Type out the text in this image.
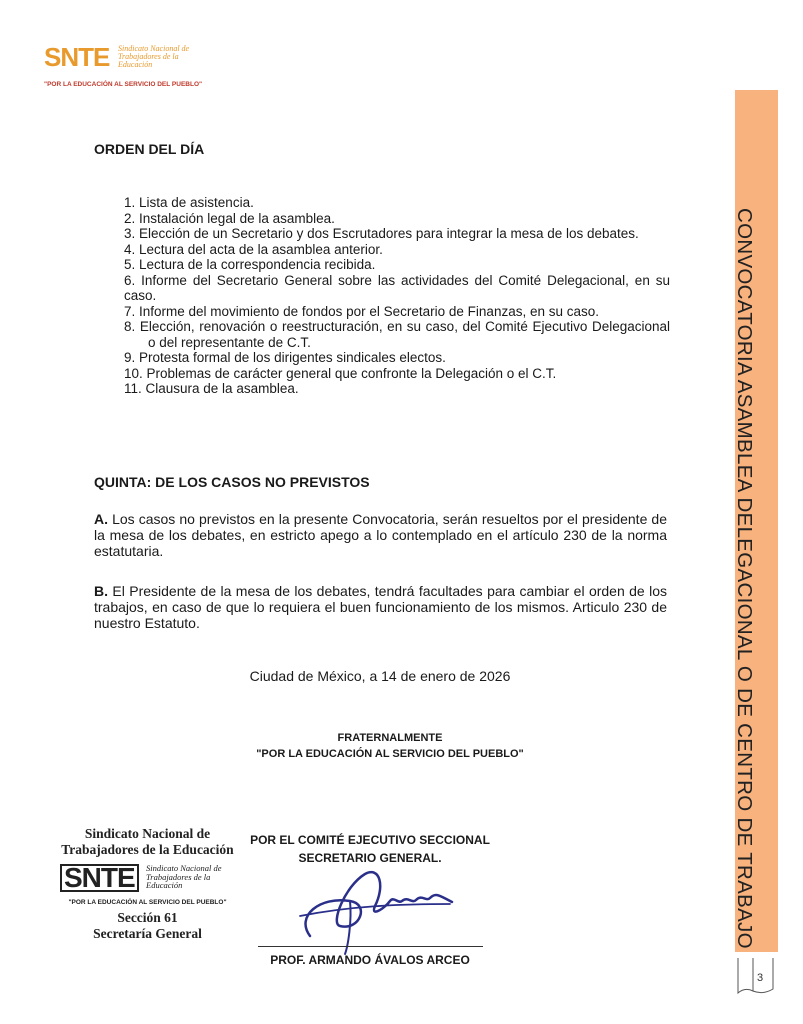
SNTE Sindicato Nacional de Trabajadores de la Educación
"POR LA EDUCACIÓN AL SERVICIO DEL PUEBLO"
CONVOCATORIA ASAMBLEA DELEGACIONAL O DE CENTRO DE TRABAJO
3
ORDEN DEL DÍA

1. Lista de asistencia.

2. Instalación legal de la asamblea.

3. Elección de un Secretario y dos Escrutadores para integrar la mesa de los debates.

4. Lectura del acta de la asamblea anterior.

5. Lectura de la correspondencia recibida.

6. Informe del Secretario General sobre las actividades del Comité Delegacional, en su caso.

7. Informe del movimiento de fondos por el Secretario de Finanzas, en su caso.

8. Elección, renovación o reestructuración, en su caso, del Comité Ejecutivo Delegacional o del representante de C.T.

9. Protesta formal de los dirigentes sindicales electos.

10. Problemas de carácter general que confronte la Delegación o el C.T.

11. Clausura de la asamblea.

QUINTA: DE LOS CASOS NO PREVISTOS

A. Los casos no previstos en la presente Convocatoria, serán resueltos por el presidente de la mesa de los debates, en estricto apego a lo contemplado en el artículo 230 de la norma estatutaria.

B. El Presidente de la mesa de los debates, tendrá facultades para cambiar el orden de los trabajos, en caso de que lo requiera el buen funcionamiento de los mismos. Articulo 230 de nuestro Estatuto.

Ciudad de México, a 14 de enero de 2026
FRATERNALMENTE
"POR LA EDUCACIÓN AL SERVICIO DEL PUEBLO"
Sindicato Nacional de Trabajadores de la Educación
SNTE	Sindicato Nacional de Trabajadores de la Educación
"POR LA EDUCACIÓN AL SERVICIO DEL PUEBLO"
Sección 61
Secretaría General
POR EL COMITÉ EJECUTIVO SECCIONAL
SECRETARIO GENERAL.
PROF. ARMANDO ÁVALOS ARCEO
